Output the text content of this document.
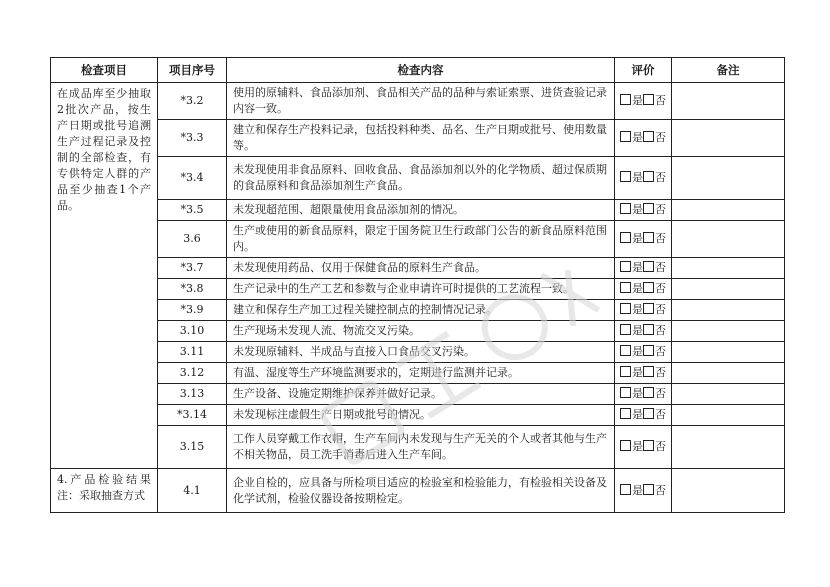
检查项目	项目序号	检查内容	评价	备注
在成品库至少抽取2批次产品，按生产日期或批号追溯生产过程记录及控制的全部检查，有专供特定人群的产品至少抽查1个产品。	*3.2	使用的原辅料、食品添加剂、食品相关产品的品种与索证索票、进货查验记录内容一致。	是 否	
	*3.3	建立和保存生产投料记录，包括投料种类、品名、生产日期或批号、使用数量等。	是 否	
	*3.4	未发现使用非食品原料、回收食品、食品添加剂以外的化学物质、超过保质期的食品原料和食品添加剂生产食品。	是 否	
	*3.5	未发现超范围、超限量使用食品添加剂的情况。	是 否	
	3.6	生产或使用的新食品原料，限定于国务院卫生行政部门公告的新食品原料范围内。	是 否	
	*3.7	未发现使用药品、仅用于保健食品的原料生产食品。	是 否	
	*3.8	生产记录中的生产工艺和参数与企业申请许可时提供的工艺流程一致。	是 否	
	*3.9	建立和保存生产加工过程关键控制点的控制情况记录。	是 否	
	3.10	生产现场未发现人流、物流交叉污染。	是 否	
	3.11	未发现原辅料、半成品与直接入口食品交叉污染。	是 否	
	3.12	有温、湿度等生产环境监测要求的，定期进行监测并记录。	是 否	
	3.13	生产设备、设施定期维护保养并做好记录。	是 否	
	*3.14	未发现标注虚假生产日期或批号的情况。	是 否	
	3.15	工作人员穿戴工作衣帽，生产车间内未发现与生产无关的个人或者其他与生产不相关物品，员工洗手消毒后进入生产车间。	是 否	
4.产品检验结果注：采取抽查方式	4.1	企业自检的，应具备与所检项目适应的检验室和检验能力，有检验相关设备及化学试剂，检验仪器设备按期检定。	是 否	
